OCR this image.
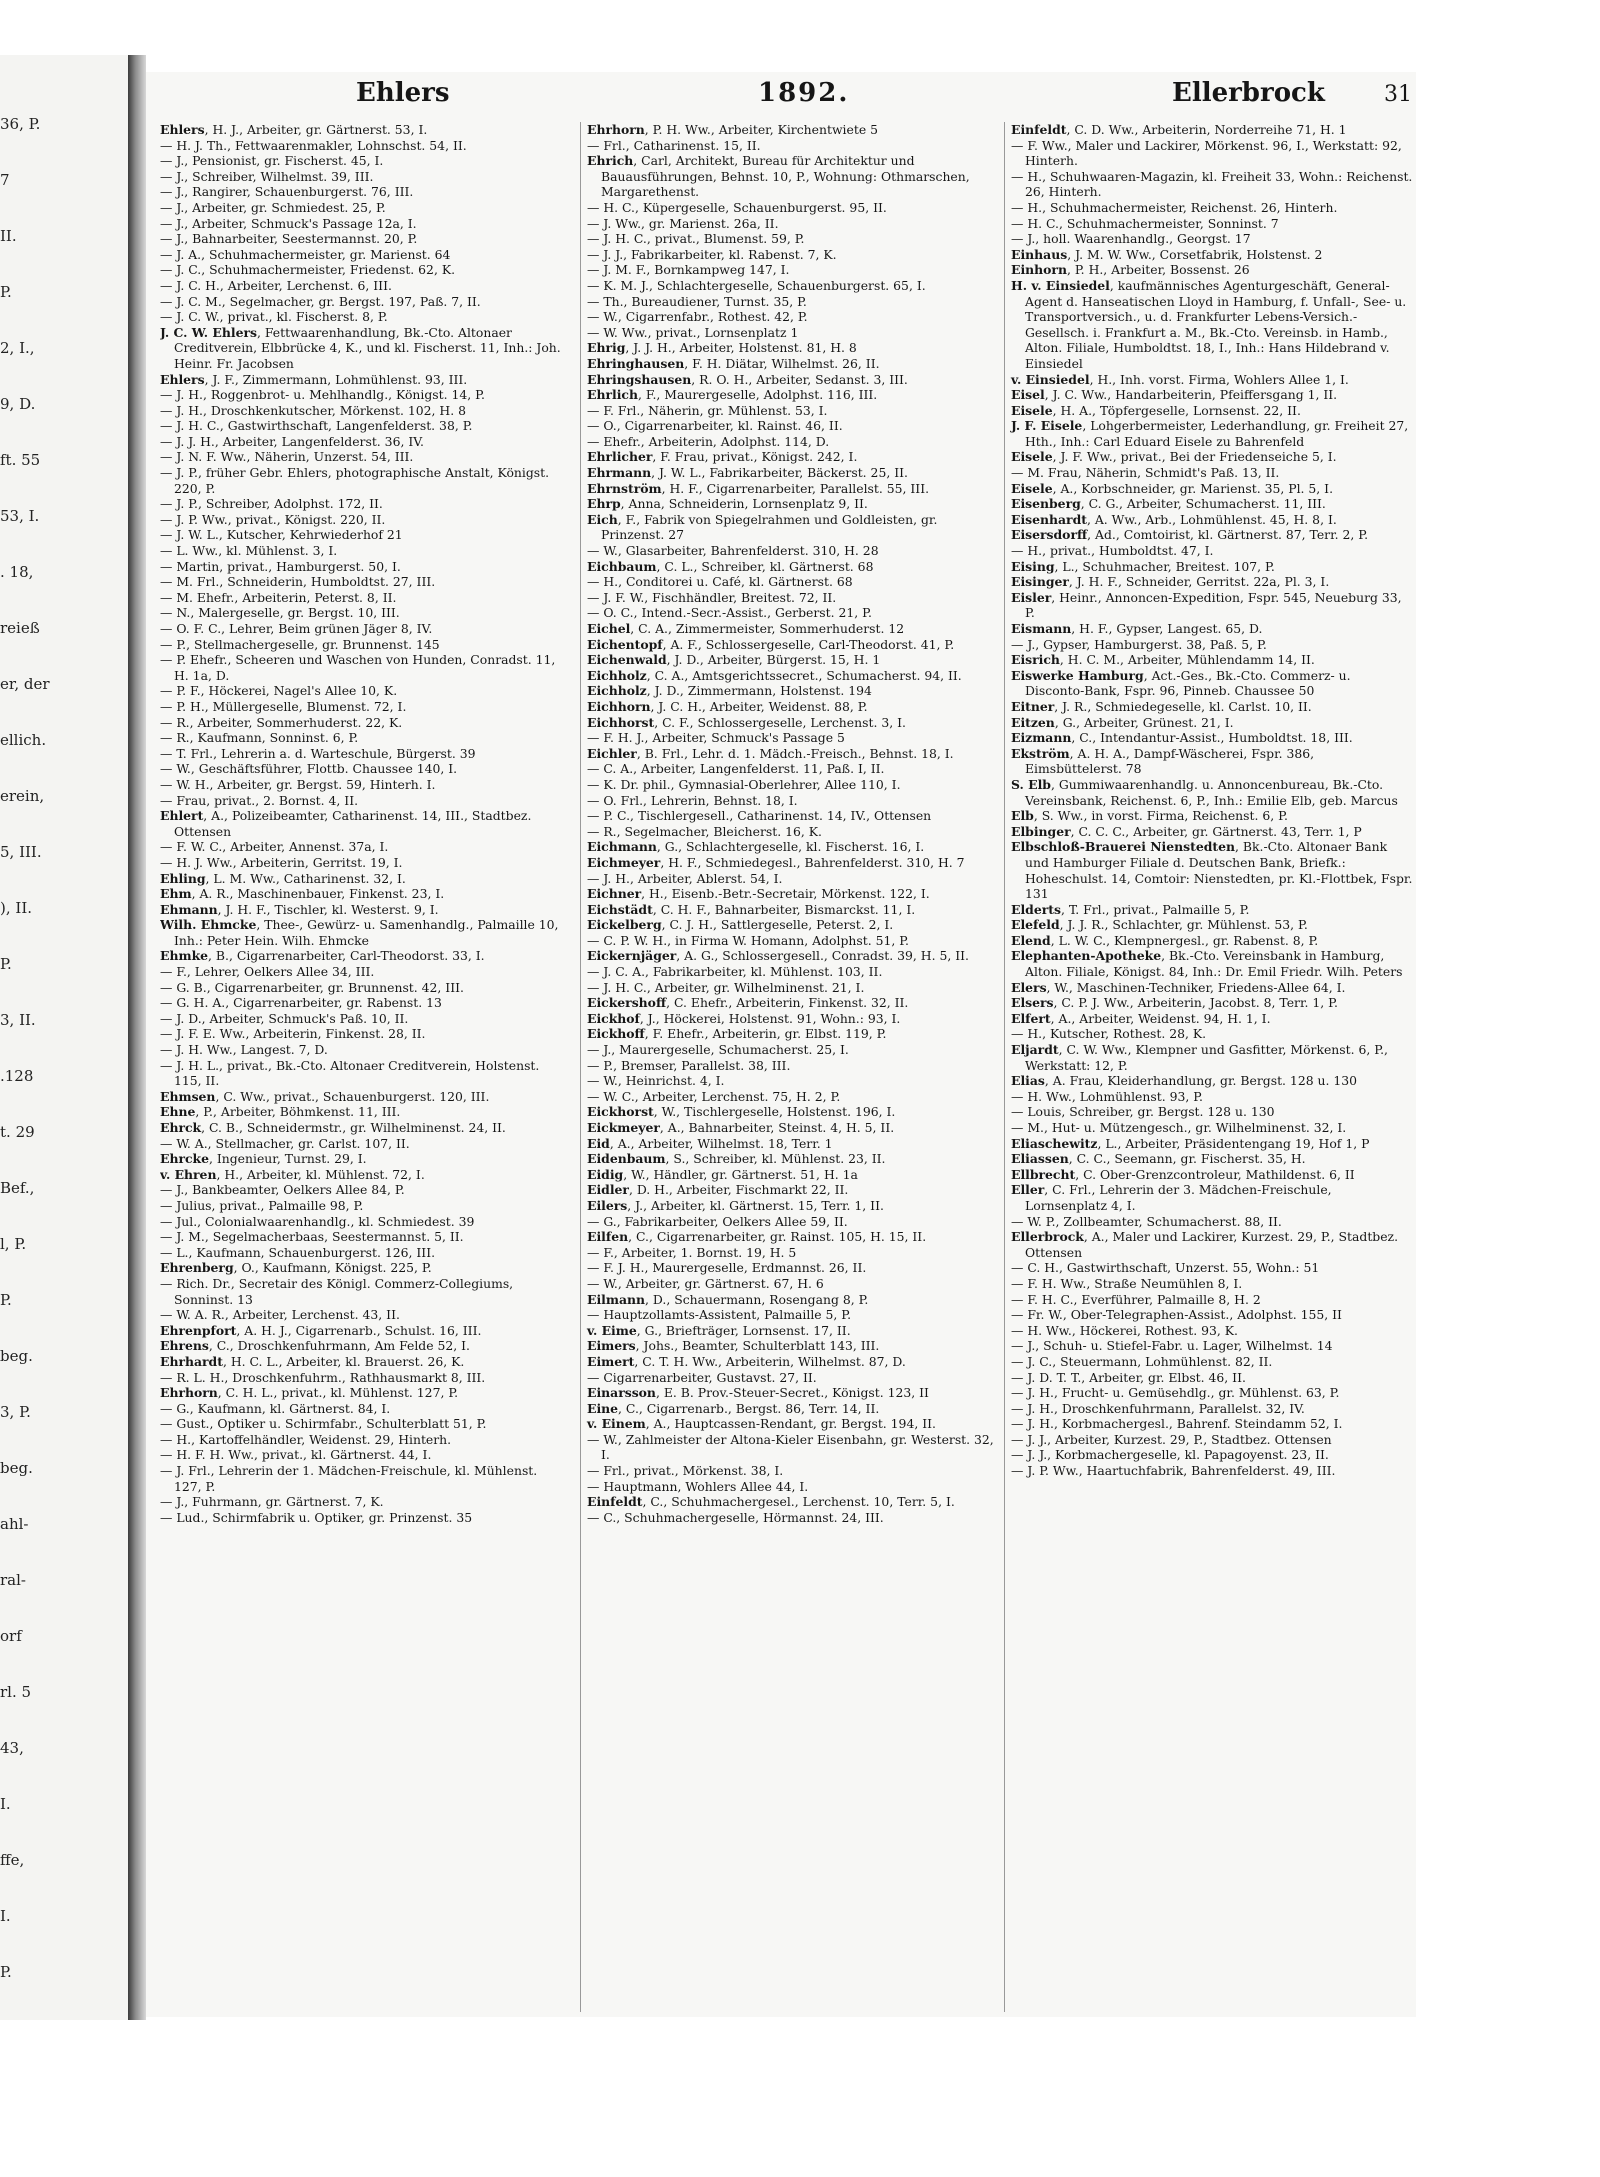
36, P.
7
II.
P.
2, I.,
9, D.
ft. 55
53, I.
. 18,
reieß
er, der
ellich.
erein,
5, III.
), II.
P.
3, II.
.128
t. 29
Bef.,
l, P.
P.
beg.
3, P.
beg.
ahl-
ral-
orf
rl. 5
43,
I.
ffe,
I.
P.
Ehlers	1892.	Ellerbrock	31
Ehlers, H. J., Arbeiter, gr. Gärtnerst. 53, I.
— H. J. Th., Fettwaarenmakler, Lohnschst. 54, II.
— J., Pensionist, gr. Fischerst. 45, I.
— J., Schreiber, Wilhelmst. 39, III.
— J., Rangirer, Schauenburgerst. 76, III.
— J., Arbeiter, gr. Schmiedest. 25, P.
— J., Arbeiter, Schmuck's Passage 12a, I.
— J., Bahnarbeiter, Seestermannst. 20, P.
— J. A., Schuhmachermeister, gr. Marienst. 64
— J. C., Schuhmachermeister, Friedenst. 62, K.
— J. C. H., Arbeiter, Lerchenst. 6, III.
— J. C. M., Segelmacher, gr. Bergst. 197, Paß. 7, II.
— J. C. W., privat., kl. Fischerst. 8, P.
J. C. W. Ehlers, Fettwaarenhandlung, Bk.-Cto. Altonaer Creditverein, Elbbrücke 4, K., und kl. Fischerst. 11, Inh.: Joh. Heinr. Fr. Jacobsen
Ehlers, J. F., Zimmermann, Lohmühlenst. 93, III.
— J. H., Roggenbrot- u. Mehlhandlg., Königst. 14, P.
— J. H., Droschkenkutscher, Mörkenst. 102, H. 8
— J. H. C., Gastwirthschaft, Langenfelderst. 38, P.
— J. J. H., Arbeiter, Langenfelderst. 36, IV.
— J. N. F. Ww., Näherin, Unzerst. 54, III.
— J. P., früher Gebr. Ehlers, photographische Anstalt, Königst. 220, P.
— J. P., Schreiber, Adolphst. 172, II.
— J. P. Ww., privat., Königst. 220, II.
— J. W. L., Kutscher, Kehrwiederhof 21
— L. Ww., kl. Mühlenst. 3, I.
— Martin, privat., Hamburgerst. 50, I.
— M. Frl., Schneiderin, Humboldtst. 27, III.
— M. Ehefr., Arbeiterin, Peterst. 8, II.
— N., Malergeselle, gr. Bergst. 10, III.
— O. F. C., Lehrer, Beim grünen Jäger 8, IV.
— P., Stellmachergeselle, gr. Brunnenst. 145
— P. Ehefr., Scheeren und Waschen von Hunden, Conradst. 11, H. 1a, D.
— P. F., Höckerei, Nagel's Allee 10, K.
— P. H., Müllergeselle, Blumenst. 72, I.
— R., Arbeiter, Sommerhuderst. 22, K.
— R., Kaufmann, Sonninst. 6, P.
— T. Frl., Lehrerin a. d. Warteschule, Bürgerst. 39
— W., Geschäftsführer, Flottb. Chaussee 140, I.
— W. H., Arbeiter, gr. Bergst. 59, Hinterh. I.
— Frau, privat., 2. Bornst. 4, II.
Ehlert, A., Polizeibeamter, Catharinenst. 14, III., Stadtbez. Ottensen
— F. W. C., Arbeiter, Annenst. 37a, I.
— H. J. Ww., Arbeiterin, Gerritst. 19, I.
Ehling, L. M. Ww., Catharinenst. 32, I.
Ehm, A. R., Maschinenbauer, Finkenst. 23, I.
Ehmann, J. H. F., Tischler, kl. Westerst. 9, I.
Wilh. Ehmcke, Thee-, Gewürz- u. Samenhandlg., Palmaille 10, Inh.: Peter Hein. Wilh. Ehmcke
Ehmke, B., Cigarrenarbeiter, Carl-Theodorst. 33, I.
— F., Lehrer, Oelkers Allee 34, III.
— G. B., Cigarrenarbeiter, gr. Brunnenst. 42, III.
— G. H. A., Cigarrenarbeiter, gr. Rabenst. 13
— J. D., Arbeiter, Schmuck's Paß. 10, II.
— J. F. E. Ww., Arbeiterin, Finkenst. 28, II.
— J. H. Ww., Langest. 7, D.
— J. H. L., privat., Bk.-Cto. Altonaer Creditverein, Holstenst. 115, II.
Ehmsen, C. Ww., privat., Schauenburgerst. 120, III.
Ehne, P., Arbeiter, Böhmkenst. 11, III.
Ehrck, C. B., Schneidermstr., gr. Wilhelminenst. 24, II.
— W. A., Stellmacher, gr. Carlst. 107, II.
Ehrcke, Ingenieur, Turnst. 29, I.
v. Ehren, H., Arbeiter, kl. Mühlenst. 72, I.
— J., Bankbeamter, Oelkers Allee 84, P.
— Julius, privat., Palmaille 98, P.
— Jul., Colonialwaarenhandlg., kl. Schmiedest. 39
— J. M., Segelmacherbaas, Seestermannst. 5, II.
— L., Kaufmann, Schauenburgerst. 126, III.
Ehrenberg, O., Kaufmann, Königst. 225, P.
— Rich. Dr., Secretair des Königl. Commerz-Collegiums, Sonninst. 13
— W. A. R., Arbeiter, Lerchenst. 43, II.
Ehrenpfort, A. H. J., Cigarrenarb., Schulst. 16, III.
Ehrens, C., Droschkenfuhrmann, Am Felde 52, I.
Ehrhardt, H. C. L., Arbeiter, kl. Brauerst. 26, K.
— R. L. H., Droschkenfuhrm., Rathhausmarkt 8, III.
Ehrhorn, C. H. L., privat., kl. Mühlenst. 127, P.
— G., Kaufmann, kl. Gärtnerst. 84, I.
— Gust., Optiker u. Schirmfabr., Schulterblatt 51, P.
— H., Kartoffelhändler, Weidenst. 29, Hinterh.
— H. F. H. Ww., privat., kl. Gärtnerst. 44, I.
— J. Frl., Lehrerin der 1. Mädchen-Freischule, kl. Mühlenst. 127, P.
— J., Fuhrmann, gr. Gärtnerst. 7, K.
— Lud., Schirmfabrik u. Optiker, gr. Prinzenst. 35
Ehrhorn, P. H. Ww., Arbeiter, Kirchentwiete 5
— Frl., Catharinenst. 15, II.
Ehrich, Carl, Architekt, Bureau für Architektur und Bauausführungen, Behnst. 10, P., Wohnung: Othmarschen, Margarethenst.
— H. C., Küpergeselle, Schauenburgerst. 95, II.
— J. Ww., gr. Marienst. 26a, II.
— J. H. C., privat., Blumenst. 59, P.
— J. J., Fabrikarbeiter, kl. Rabenst. 7, K.
— J. M. F., Bornkampweg 147, I.
— K. M. J., Schlachtergeselle, Schauenburgerst. 65, I.
— Th., Bureaudiener, Turnst. 35, P.
— W., Cigarrenfabr., Rothest. 42, P.
— W. Ww., privat., Lornsenplatz 1
Ehrig, J. J. H., Arbeiter, Holstenst. 81, H. 8
Ehringhausen, F. H. Diätar, Wilhelmst. 26, II.
Ehringshausen, R. O. H., Arbeiter, Sedanst. 3, III.
Ehrlich, F., Maurergeselle, Adolphst. 116, III.
— F. Frl., Näherin, gr. Mühlenst. 53, I.
— O., Cigarrenarbeiter, kl. Rainst. 46, II.
— Ehefr., Arbeiterin, Adolphst. 114, D.
Ehrlicher, F. Frau, privat., Königst. 242, I.
Ehrmann, J. W. L., Fabrikarbeiter, Bäckerst. 25, II.
Ehrnström, H. F., Cigarrenarbeiter, Parallelst. 55, III.
Ehrp, Anna, Schneiderin, Lornsenplatz 9, II.
Eich, F., Fabrik von Spiegelrahmen und Goldleisten, gr. Prinzenst. 27
— W., Glasarbeiter, Bahrenfelderst. 310, H. 28
Eichbaum, C. L., Schreiber, kl. Gärtnerst. 68
— H., Conditorei u. Café, kl. Gärtnerst. 68
— J. F. W., Fischhändler, Breitest. 72, II.
— O. C., Intend.-Secr.-Assist., Gerberst. 21, P.
Eichel, C. A., Zimmermeister, Sommerhuderst. 12
Eichentopf, A. F., Schlossergeselle, Carl-Theodorst. 41, P.
Eichenwald, J. D., Arbeiter, Bürgerst. 15, H. 1
Eichholz, C. A., Amtsgerichtssecret., Schumacherst. 94, II.
Eichholz, J. D., Zimmermann, Holstenst. 194
Eichhorn, J. C. H., Arbeiter, Weidenst. 88, P.
Eichhorst, C. F., Schlossergeselle, Lerchenst. 3, I.
— F. H. J., Arbeiter, Schmuck's Passage 5
Eichler, B. Frl., Lehr. d. 1. Mädch.-Freisch., Behnst. 18, I.
— C. A., Arbeiter, Langenfelderst. 11, Paß. I, II.
— K. Dr. phil., Gymnasial-Oberlehrer, Allee 110, I.
— O. Frl., Lehrerin, Behnst. 18, I.
— P. C., Tischlergesell., Catharinenst. 14, IV., Ottensen
— R., Segelmacher, Bleicherst. 16, K.
Eichmann, G., Schlachtergeselle, kl. Fischerst. 16, I.
Eichmeyer, H. F., Schmiedegesl., Bahrenfelderst. 310, H. 7
— J. H., Arbeiter, Ablerst. 54, I.
Eichner, H., Eisenb.-Betr.-Secretair, Mörkenst. 122, I.
Eichstädt, C. H. F., Bahnarbeiter, Bismarckst. 11, I.
Eickelberg, C. J. H., Sattlergeselle, Peterst. 2, I.
— C. P. W. H., in Firma W. Homann, Adolphst. 51, P.
Eickernjäger, A. G., Schlossergesell., Conradst. 39, H. 5, II.
— J. C. A., Fabrikarbeiter, kl. Mühlenst. 103, II.
— J. H. C., Arbeiter, gr. Wilhelminenst. 21, I.
Eickershoff, C. Ehefr., Arbeiterin, Finkenst. 32, II.
Eickhof, J., Höckerei, Holstenst. 91, Wohn.: 93, I.
Eickhoff, F. Ehefr., Arbeiterin, gr. Elbst. 119, P.
— J., Maurergeselle, Schumacherst. 25, I.
— P., Bremser, Parallelst. 38, III.
— W., Heinrichst. 4, I.
— W. C., Arbeiter, Lerchenst. 75, H. 2, P.
Eickhorst, W., Tischlergeselle, Holstenst. 196, I.
Eickmeyer, A., Bahnarbeiter, Steinst. 4, H. 5, II.
Eid, A., Arbeiter, Wilhelmst. 18, Terr. 1
Eidenbaum, S., Schreiber, kl. Mühlenst. 23, II.
Eidig, W., Händler, gr. Gärtnerst. 51, H. 1a
Eidler, D. H., Arbeiter, Fischmarkt 22, II.
Eilers, J., Arbeiter, kl. Gärtnerst. 15, Terr. 1, II.
— G., Fabrikarbeiter, Oelkers Allee 59, II.
Eilfen, C., Cigarrenarbeiter, gr. Rainst. 105, H. 15, II.
— F., Arbeiter, 1. Bornst. 19, H. 5
— F. J. H., Maurergeselle, Erdmannst. 26, II.
— W., Arbeiter, gr. Gärtnerst. 67, H. 6
Eilmann, D., Schauermann, Rosengang 8, P.
— Hauptzollamts-Assistent, Palmaille 5, P.
v. Eime, G., Briefträger, Lornsenst. 17, II.
Eimers, Johs., Beamter, Schulterblatt 143, III.
Eimert, C. T. H. Ww., Arbeiterin, Wilhelmst. 87, D.
— Cigarrenarbeiter, Gustavst. 27, II.
Einarsson, E. B. Prov.-Steuer-Secret., Königst. 123, II
Eine, C., Cigarrenarb., Bergst. 86, Terr. 14, II.
v. Einem, A., Hauptcassen-Rendant, gr. Bergst. 194, II.
— W., Zahlmeister der Altona-Kieler Eisenbahn, gr. Westerst. 32, I.
— Frl., privat., Mörkenst. 38, I.
— Hauptmann, Wohlers Allee 44, I.
Einfeldt, C., Schuhmachergesel., Lerchenst. 10, Terr. 5, I.
— C., Schuhmachergeselle, Hörmannst. 24, III.
Einfeldt, C. D. Ww., Arbeiterin, Norderreihe 71, H. 1
— F. Ww., Maler und Lackirer, Mörkenst. 96, I., Werkstatt: 92, Hinterh.
— H., Schuhwaaren-Magazin, kl. Freiheit 33, Wohn.: Reichenst. 26, Hinterh.
— H., Schuhmachermeister, Reichenst. 26, Hinterh.
— H. C., Schuhmachermeister, Sonninst. 7
— J., holl. Waarenhandlg., Georgst. 17
Einhaus, J. M. W. Ww., Corsetfabrik, Holstenst. 2
Einhorn, P. H., Arbeiter, Bossenst. 26
H. v. Einsiedel, kaufmännisches Agenturgeschäft, General-Agent d. Hanseatischen Lloyd in Hamburg, f. Unfall-, See- u. Transportversich., u. d. Frankfurter Lebens-Versich.-Gesellsch. i. Frankfurt a. M., Bk.-Cto. Vereinsb. in Hamb., Alton. Filiale, Humboldtst. 18, I., Inh.: Hans Hildebrand v. Einsiedel
v. Einsiedel, H., Inh. vorst. Firma, Wohlers Allee 1, I.
Eisel, J. C. Ww., Handarbeiterin, Pfeiffersgang 1, II.
Eisele, H. A., Töpfergeselle, Lornsenst. 22, II.
J. F. Eisele, Lohgerbermeister, Lederhandlung, gr. Freiheit 27, Hth., Inh.: Carl Eduard Eisele zu Bahrenfeld
Eisele, J. F. Ww., privat., Bei der Friedenseiche 5, I.
— M. Frau, Näherin, Schmidt's Paß. 13, II.
Eisele, A., Korbschneider, gr. Marienst. 35, Pl. 5, I.
Eisenberg, C. G., Arbeiter, Schumacherst. 11, III.
Eisenhardt, A. Ww., Arb., Lohmühlenst. 45, H. 8, I.
Eisersdorff, Ad., Comtoirist, kl. Gärtnerst. 87, Terr. 2, P.
— H., privat., Humboldtst. 47, I.
Eising, L., Schuhmacher, Breitest. 107, P.
Eisinger, J. H. F., Schneider, Gerritst. 22a, Pl. 3, I.
Eisler, Heinr., Annoncen-Expedition, Fspr. 545, Neueburg 33, P.
Eismann, H. F., Gypser, Langest. 65, D.
— J., Gypser, Hamburgerst. 38, Paß. 5, P.
Eisrich, H. C. M., Arbeiter, Mühlendamm 14, II.
Eiswerke Hamburg, Act.-Ges., Bk.-Cto. Commerz- u. Disconto-Bank, Fspr. 96, Pinneb. Chaussee 50
Eitner, J. R., Schmiedegeselle, kl. Carlst. 10, II.
Eitzen, G., Arbeiter, Grünest. 21, I.
Eizmann, C., Intendantur-Assist., Humboldtst. 18, III.
Ekström, A. H. A., Dampf-Wäscherei, Fspr. 386, Eimsbüttelerst. 78
S. Elb, Gummiwaarenhandlg. u. Annoncenbureau, Bk.-Cto. Vereinsbank, Reichenst. 6, P., Inh.: Emilie Elb, geb. Marcus
Elb, S. Ww., in vorst. Firma, Reichenst. 6, P.
Elbinger, C. C. C., Arbeiter, gr. Gärtnerst. 43, Terr. 1, P
Elbschloß-Brauerei Nienstedten, Bk.-Cto. Altonaer Bank und Hamburger Filiale d. Deutschen Bank, Briefk.: Hoheschulst. 14, Comtoir: Nienstedten, pr. Kl.-Flottbek, Fspr. 131
Elderts, T. Frl., privat., Palmaille 5, P.
Elefeld, J. J. R., Schlachter, gr. Mühlenst. 53, P.
Elend, L. W. C., Klempnergesl., gr. Rabenst. 8, P.
Elephanten-Apotheke, Bk.-Cto. Vereinsbank in Hamburg, Alton. Filiale, Königst. 84, Inh.: Dr. Emil Friedr. Wilh. Peters
Elers, W., Maschinen-Techniker, Friedens-Allee 64, I.
Elsers, C. P. J. Ww., Arbeiterin, Jacobst. 8, Terr. 1, P.
Elfert, A., Arbeiter, Weidenst. 94, H. 1, I.
— H., Kutscher, Rothest. 28, K.
Eljardt, C. W. Ww., Klempner und Gasfitter, Mörkenst. 6, P., Werkstatt: 12, P.
Elias, A. Frau, Kleiderhandlung, gr. Bergst. 128 u. 130
— H. Ww., Lohmühlenst. 93, P.
— Louis, Schreiber, gr. Bergst. 128 u. 130
— M., Hut- u. Mützengesch., gr. Wilhelminenst. 32, I.
Eliaschewitz, L., Arbeiter, Präsidentengang 19, Hof 1, P
Eliassen, C. C., Seemann, gr. Fischerst. 35, H.
Ellbrecht, C. Ober-Grenzcontroleur, Mathildenst. 6, II
Eller, C. Frl., Lehrerin der 3. Mädchen-Freischule, Lornsenplatz 4, I.
— W. P., Zollbeamter, Schumacherst. 88, II.
Ellerbrock, A., Maler und Lackirer, Kurzest. 29, P., Stadtbez. Ottensen
— C. H., Gastwirthschaft, Unzerst. 55, Wohn.: 51
— F. H. Ww., Straße Neumühlen 8, I.
— F. H. C., Everführer, Palmaille 8, H. 2
— Fr. W., Ober-Telegraphen-Assist., Adolphst. 155, II
— H. Ww., Höckerei, Rothest. 93, K.
— J., Schuh- u. Stiefel-Fabr. u. Lager, Wilhelmst. 14
— J. C., Steuermann, Lohmühlenst. 82, II.
— J. D. T. T., Arbeiter, gr. Elbst. 46, II.
— J. H., Frucht- u. Gemüsehdlg., gr. Mühlenst. 63, P.
— J. H., Droschkenfuhrmann, Parallelst. 32, IV.
— J. H., Korbmachergesl., Bahrenf. Steindamm 52, I.
— J. J., Arbeiter, Kurzest. 29, P., Stadtbez. Ottensen
— J. J., Korbmachergeselle, kl. Papagoyenst. 23, II.
— J. P. Ww., Haartuchfabrik, Bahrenfelderst. 49, III.
